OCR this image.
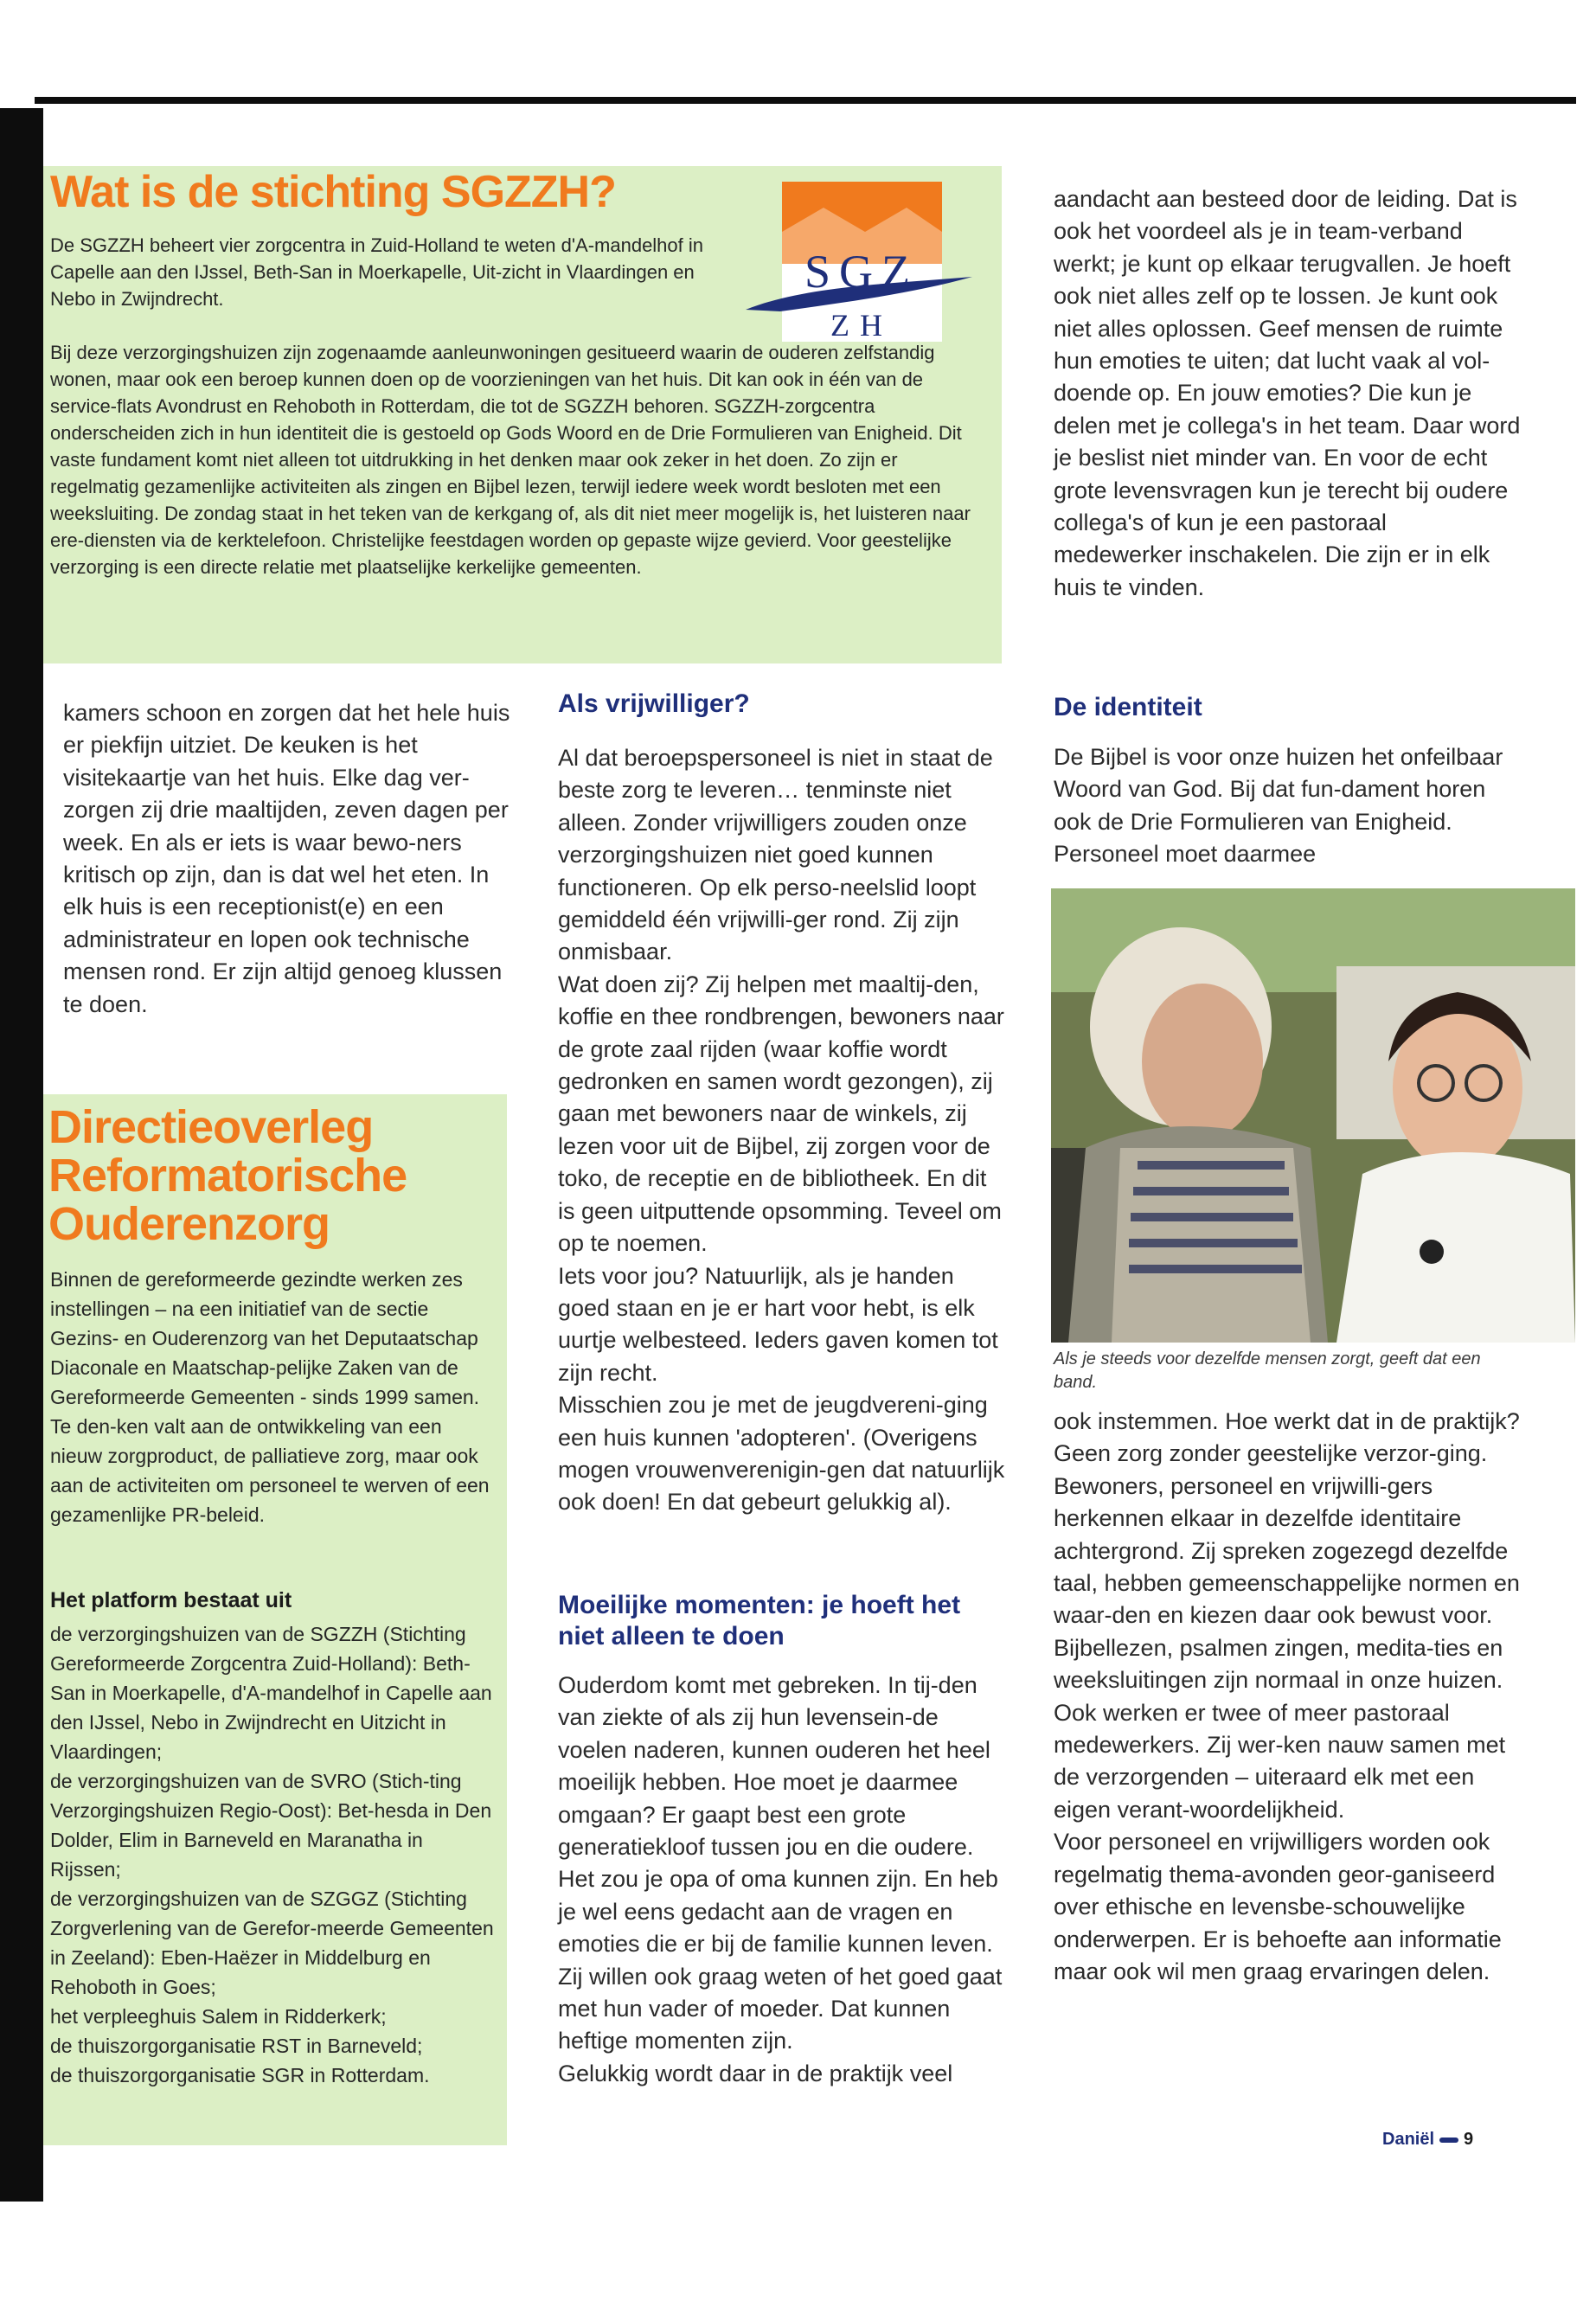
Wat is de stichting SGZZH?

De SGZZH beheert vier zorgcentra in Zuid-Holland te weten d'A-mandelhof in Capelle aan den IJssel, Beth-San in Moerkapelle, Uit-zicht in Vlaardingen en Nebo in Zwijndrecht.

Bij deze verzorgingshuizen zijn zogenaamde aanleunwoningen gesitueerd waarin de ouderen zelfstandig wonen, maar ook een beroep kunnen doen op de voorzieningen van het huis. Dit kan ook in één van de service-flats Avondrust en Rehoboth in Rotterdam, die tot de SGZZH behoren. SGZZH-zorgcentra onderscheiden zich in hun identiteit die is gestoeld op Gods Woord en de Drie Formulieren van Enigheid. Dit vaste fundament komt niet alleen tot uitdrukking in het denken maar ook zeker in het doen. Zo zijn er regelmatig gezamenlijke activiteiten als zingen en Bijbel lezen, terwijl iedere week wordt besloten met een weeksluiting. De zondag staat in het teken van de kerkgang of, als dit niet meer mogelijk is, het luisteren naar ere-diensten via de kerktelefoon. Christelijke feestdagen worden op gepaste wijze gevierd. Voor geestelijke verzorging is een directe relatie met plaatselijke kerkelijke gemeenten.

SGZ
ZH

kamers schoon en zorgen dat het hele huis er piekfijn uitziet. De keuken is het visitekaartje van het huis. Elke dag ver-zorgen zij drie maaltijden, zeven dagen per week. En als er iets is waar bewo-ners kritisch op zijn, dan is dat wel het eten. In elk huis is een receptionist(e) en een administrateur en lopen ook technische mensen rond. Er zijn altijd genoeg klussen te doen.

Directieoverleg Reformatorische Ouderenzorg

Binnen de gereformeerde gezindte werken zes instellingen – na een initiatief van de sectie Gezins- en Ouderenzorg van het Deputaatschap Diaconale en Maatschap-pelijke Zaken van de Gereformeerde Gemeenten - sinds 1999 samen. Te den-ken valt aan de ontwikkeling van een nieuw zorgproduct, de palliatieve zorg, maar ook aan de activiteiten om personeel te werven of een gezamenlijke PR-beleid.

Het platform bestaat uit

de verzorgingshuizen van de SGZZH (Stichting Gereformeerde Zorgcentra Zuid-Holland): Beth-San in Moerkapelle, d'A-mandelhof in Capelle aan den IJssel, Nebo in Zwijndrecht en Uitzicht in Vlaardingen;
de verzorgingshuizen van de SVRO (Stich-ting Verzorgingshuizen Regio-Oost): Bet-hesda in Den Dolder, Elim in Barneveld en Maranatha in Rijssen;
de verzorgingshuizen van de SZGGZ (Stichting Zorgverlening van de Gerefor-meerde Gemeenten in Zeeland): Eben-Haëzer in Middelburg en Rehoboth in Goes;
het verpleeghuis Salem in Ridderkerk;
de thuiszorgorganisatie RST in Barneveld;
de thuiszorgorganisatie SGR in Rotterdam.
Als vrijwilliger?

Al dat beroepspersoneel is niet in staat de beste zorg te leveren… tenminste niet alleen. Zonder vrijwilligers zouden onze verzorgingshuizen niet goed kunnen functioneren. Op elk perso-neelslid loopt gemiddeld één vrijwilli-ger rond. Zij zijn onmisbaar.

Wat doen zij? Zij helpen met maaltij-den, koffie en thee rondbrengen, bewoners naar de grote zaal rijden (waar koffie wordt gedronken en samen wordt gezongen), zij gaan met bewoners naar de winkels, zij lezen voor uit de Bijbel, zij zorgen voor de toko, de receptie en de bibliotheek. En dit is geen uitputtende opsomming. Teveel om op te noemen.

Iets voor jou? Natuurlijk, als je handen goed staan en je er hart voor hebt, is elk uurtje welbesteed. Ieders gaven komen tot zijn recht.

Misschien zou je met de jeugdvereni-ging een huis kunnen 'adopteren'. (Overigens mogen vrouwenverenigin-gen dat natuurlijk ook doen! En dat gebeurt gelukkig al).

Moeilijke momenten: je hoeft het niet alleen te doen

Ouderdom komt met gebreken. In tij-den van ziekte of als zij hun levensein-de voelen naderen, kunnen ouderen het heel moeilijk hebben. Hoe moet je daarmee omgaan? Er gaapt best een grote generatiekloof tussen jou en die oudere. Het zou je opa of oma kunnen zijn. En heb je wel eens gedacht aan de vragen en emoties die er bij de familie kunnen leven. Zij willen ook graag weten of het goed gaat met hun vader of moeder. Dat kunnen heftige momenten zijn.

Gelukkig wordt daar in de praktijk veel

aandacht aan besteed door de leiding. Dat is ook het voordeel als je in team-verband werkt; je kunt op elkaar terugvallen. Je hoeft ook niet alles zelf op te lossen. Je kunt ook niet alles oplossen. Geef mensen de ruimte hun emoties te uiten; dat lucht vaak al vol-doende op. En jouw emoties? Die kun je delen met je collega's in het team. Daar word je beslist niet minder van. En voor de echt grote levensvragen kun je terecht bij oudere collega's of kun je een pastoraal medewerker inschakelen. Die zijn er in elk huis te vinden.

De identiteit

De Bijbel is voor onze huizen het onfeilbaar Woord van God. Bij dat fun-dament horen ook de Drie Formulieren van Enigheid. Personeel moet daarmee

Als je steeds voor dezelfde mensen zorgt, geeft dat een band.

ook instemmen. Hoe werkt dat in de praktijk?

Geen zorg zonder geestelijke verzor-ging. Bewoners, personeel en vrijwilli-gers herkennen elkaar in dezelfde identitaire achtergrond. Zij spreken zogezegd dezelfde taal, hebben gemeenschappelijke normen en waar-den en kiezen daar ook bewust voor. Bijbellezen, psalmen zingen, medita-ties en weeksluitingen zijn normaal in onze huizen. Ook werken er twee of meer pastoraal medewerkers. Zij wer-ken nauw samen met de verzorgenden – uiteraard elk met een eigen verant-woordelijkheid.

Voor personeel en vrijwilligers worden ook regelmatig thema-avonden geor-ganiseerd over ethische en levensbe-schouwelijke onderwerpen. Er is behoefte aan informatie maar ook wil men graag ervaringen delen.

Daniël 9
